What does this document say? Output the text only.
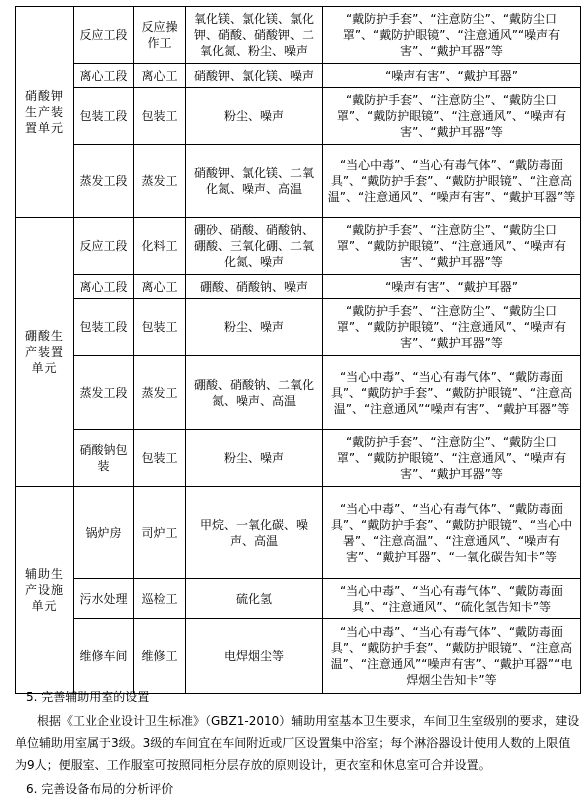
硝酸钾生产装置单元	反应工段	反应操作工	氧化镁、氯化镁、氯化钾、硝酸、硝酸钾、二氧化氮、粉尘、噪声	“戴防护手套”、“注意防尘”、“戴防尘口罩”、“戴防护眼镜”、“注意通风”“噪声有害”、“戴护耳器”等
	离心工段	离心工	硝酸钾、氯化镁、噪声	“噪声有害”、“戴护耳器”
	包装工段	包装工	粉尘、噪声	“戴防护手套”、“注意防尘”、“戴防尘口罩”、“戴防护眼镜”、“注意通风”、“噪声有害”、“戴护耳器”等
	蒸发工段	蒸发工	硝酸钾、氯化镁、二氧化氮、噪声、高温	“当心中毒”、“当心有毒气体”、“戴防毒面具”、“戴防护手套”、“戴防护眼镜”、“注意高温”、“注意通风”、“噪声有害”、“戴护耳器”等
硼酸生产装置单元	反应工段	化料工	硼砂、硝酸、硝酸钠、硼酸、三氧化硼、二氧化氮、噪声	“戴防护手套”、“注意防尘”、“戴防尘口罩”、“戴防护眼镜”、“注意通风”、“噪声有害”、“戴护耳器”等
	离心工段	离心工	硼酸、硝酸钠、噪声	“噪声有害”、“戴护耳器”
	包装工段	包装工	粉尘、噪声	“戴防护手套”、“注意防尘”、“戴防尘口罩”、“戴防护眼镜”、“注意通风”、“噪声有害”、“戴护耳器”等
	蒸发工段	蒸发工	硼酸、硝酸钠、二氧化氮、噪声、高温	“当心中毒”、“当心有毒气体”、“戴防毒面具”、“戴防护手套”、“戴防护眼镜”、“注意高温”、“注意通风”“噪声有害”、“戴护耳器”等
	硝酸钠包装	包装工	粉尘、噪声	“戴防护手套”、“注意防尘”、“戴防尘口罩”、“戴防护眼镜”、“注意通风”、“噪声有害”、“戴护耳器”等
辅助生产设施单元	锅炉房	司炉工	甲烷、一氧化碳、噪声、高温	“当心中毒”、“当心有毒气体”、“戴防毒面具”、“戴防护手套”、“戴防护眼镜”、“当心中暑”、“注意高温”、“注意通风”、“噪声有害”、“戴护耳器”、“一氧化碳告知卡”等
	污水处理	巡检工	硫化氢	“当心中毒”、“当心有毒气体”、“戴防毒面具”、“注意通风”、“硫化氢告知卡”等
	维修车间	维修工	电焊烟尘等	“当心中毒”、“当心有毒气体”、“戴防毒面具”、“戴防护手套”、“戴防护眼镜”、“注意高温”、“注意通风”“噪声有害”、“戴护耳器”“电焊烟尘告知卡”等

5. 完善辅助用室的设置

根据《工业企业设计卫生标准》（GBZ1-2010）辅助用室基本卫生要求，车间卫生室级别的要求，建设单位辅助用室属于3级。3级的车间宜在车间附近或厂区设置集中浴室；每个淋浴器设计使用人数的上限值为9人；便服室、工作服室可按照同柜分层存放的原则设计，更衣室和休息室可合并设置。

6. 完善设备布局的分析评价
